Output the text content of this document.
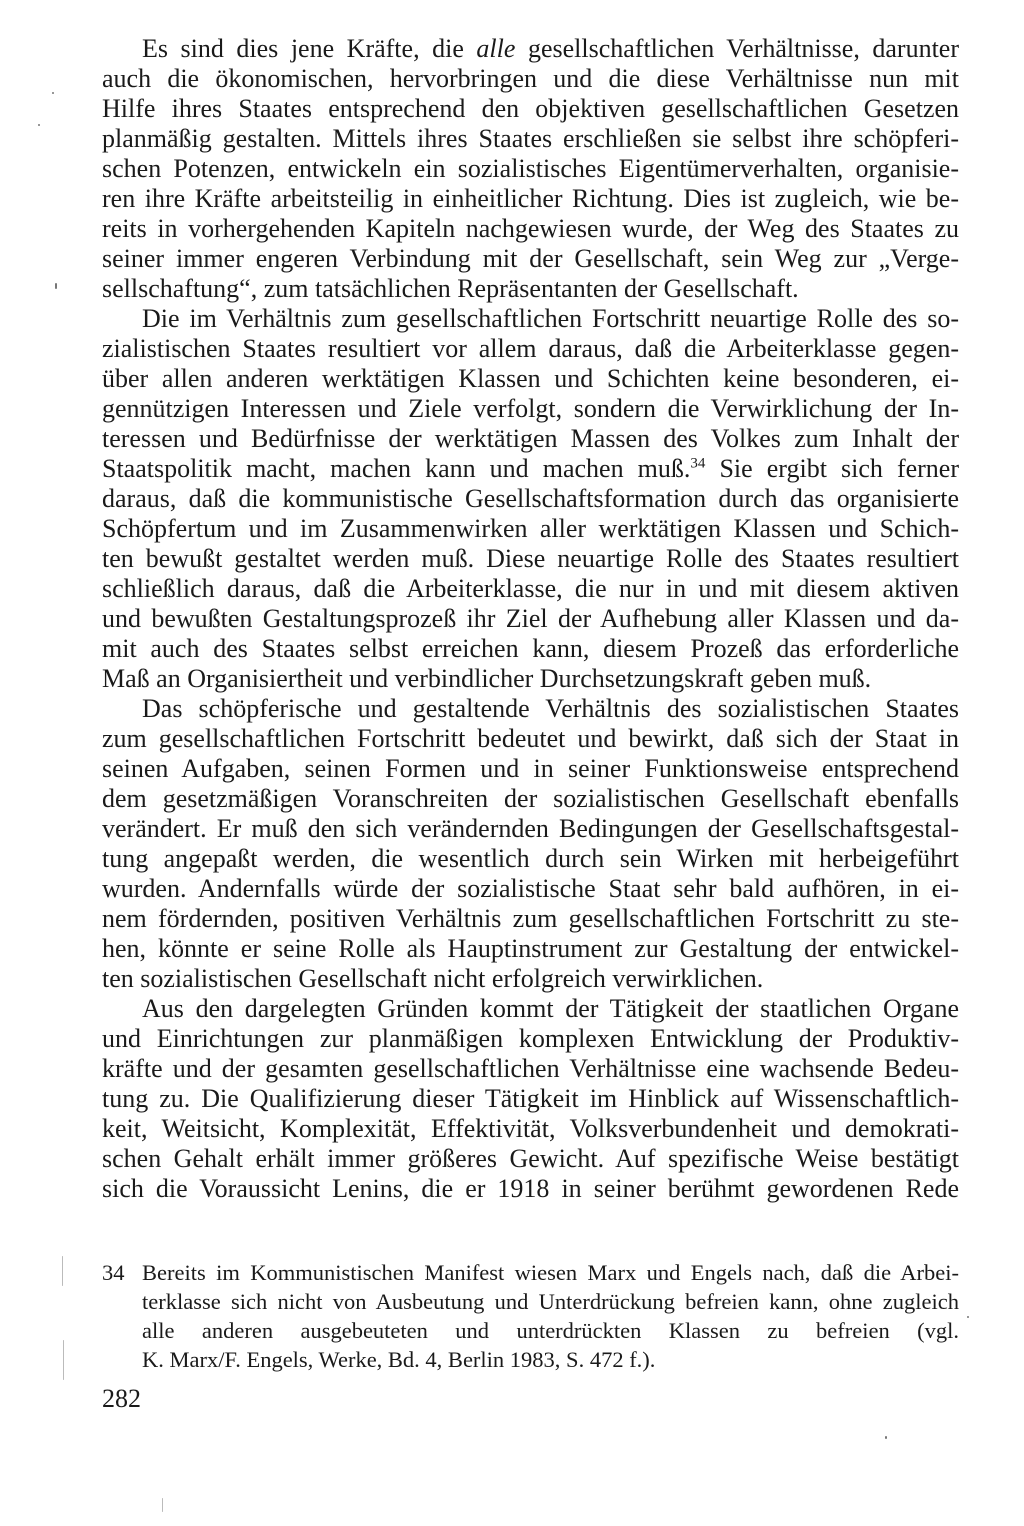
Es sind dies jene Kräfte, die alle gesellschaftlichen Verhältnisse, darunter
auch die ökonomischen, hervorbringen und die diese Verhältnisse nun mit
Hilfe ihres Staates entsprechend den objektiven gesellschaftlichen Gesetzen
planmäßig gestalten. Mittels ihres Staates erschließen sie selbst ihre schöpferi-
schen Potenzen, entwickeln ein sozialistisches Eigentümerverhalten, organisie-
ren ihre Kräfte arbeitsteilig in einheitlicher Richtung. Dies ist zugleich, wie be-
reits in vorhergehenden Kapiteln nachgewiesen wurde, der Weg des Staates zu
seiner immer engeren Verbindung mit der Gesellschaft, sein Weg zur „Verge-
sellschaftung“, zum tatsächlichen Repräsentanten der Gesellschaft.

Die im Verhältnis zum gesellschaftlichen Fortschritt neuartige Rolle des so-
zialistischen Staates resultiert vor allem daraus, daß die Arbeiterklasse gegen-
über allen anderen werktätigen Klassen und Schichten keine besonderen, ei-
gennützigen Interessen und Ziele verfolgt, sondern die Verwirklichung der In-
teressen und Bedürfnisse der werktätigen Massen des Volkes zum Inhalt der
Staatspolitik macht, machen kann und machen muß.$^{34}$ Sie ergibt sich ferner
daraus, daß die kommunistische Gesellschaftsformation durch das organisierte
Schöpfertum und im Zusammenwirken aller werktätigen Klassen und Schich-
ten bewußt gestaltet werden muß. Diese neuartige Rolle des Staates resultiert
schließlich daraus, daß die Arbeiterklasse, die nur in und mit diesem aktiven
und bewußten Gestaltungsprozeß ihr Ziel der Aufhebung aller Klassen und da-
mit auch des Staates selbst erreichen kann, diesem Prozeß das erforderliche
Maß an Organisiertheit und verbindlicher Durchsetzungskraft geben muß.

Das schöpferische und gestaltende Verhältnis des sozialistischen Staates
zum gesellschaftlichen Fortschritt bedeutet und bewirkt, daß sich der Staat in
seinen Aufgaben, seinen Formen und in seiner Funktionsweise entsprechend
dem gesetzmäßigen Voranschreiten der sozialistischen Gesellschaft ebenfalls
verändert. Er muß den sich verändernden Bedingungen der Gesellschaftsgestal-
tung angepaßt werden, die wesentlich durch sein Wirken mit herbeigeführt
wurden. Andernfalls würde der sozialistische Staat sehr bald aufhören, in ei-
nem fördernden, positiven Verhältnis zum gesellschaftlichen Fortschritt zu ste-
hen, könnte er seine Rolle als Hauptinstrument zur Gestaltung der entwickel-
ten sozialistischen Gesellschaft nicht erfolgreich verwirklichen.

Aus den dargelegten Gründen kommt der Tätigkeit der staatlichen Organe
und Einrichtungen zur planmäßigen komplexen Entwicklung der Produktiv-
kräfte und der gesamten gesellschaftlichen Verhältnisse eine wachsende Bedeu-
tung zu. Die Qualifizierung dieser Tätigkeit im Hinblick auf Wissenschaftlich-
keit, Weitsicht, Komplexität, Effektivität, Volksverbundenheit und demokrati-
schen Gehalt erhält immer größeres Gewicht. Auf spezifische Weise bestätigt
sich die Voraussicht Lenins, die er 1918 in seiner berühmt gewordenen Rede

34 Bereits im Kommunistischen Manifest wiesen Marx und Engels nach, daß die Arbei-
terklasse sich nicht von Ausbeutung und Unterdrückung befreien kann, ohne zugleich
alle anderen ausgebeuteten und unterdrückten Klassen zu befreien (vgl.
K. Marx/F. Engels, Werke, Bd. 4, Berlin 1983, S. 472 f.).
282
